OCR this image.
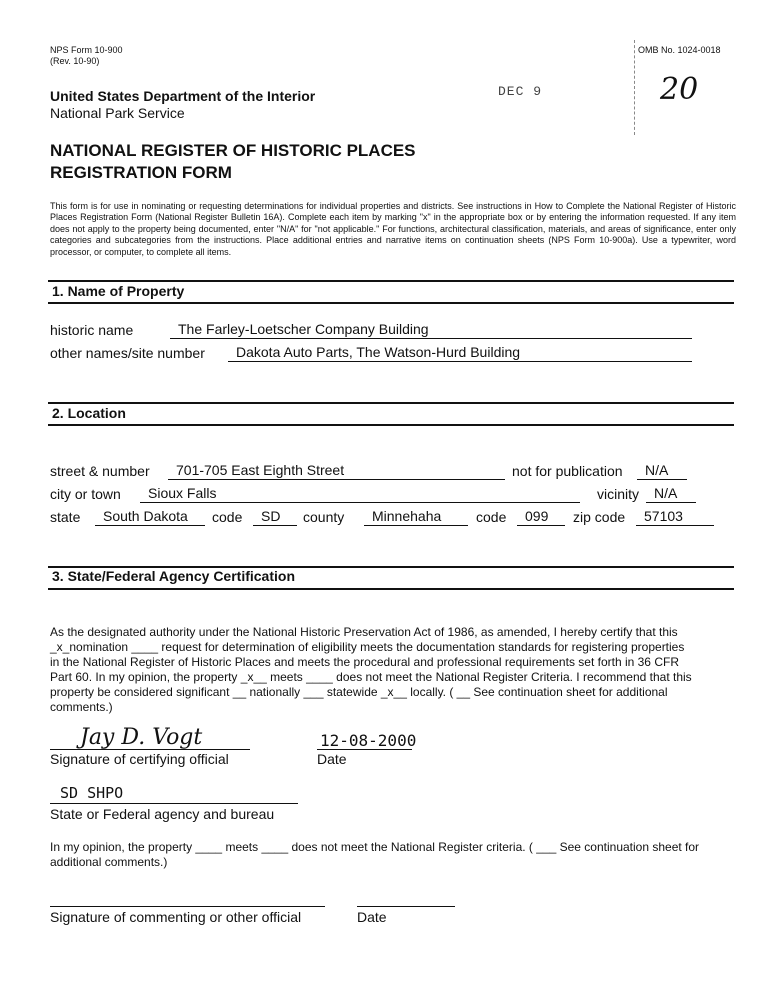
NPS Form 10-900
(Rev. 10-90)
OMB No. 1024-0018
DEC 9	20
United States Department of the Interior
National Park Service
NATIONAL REGISTER OF HISTORIC PLACES
REGISTRATION FORM
This form is for use in nominating or requesting determinations for individual properties and districts. See instructions in How to Complete the National Register of Historic Places Registration Form (National Register Bulletin 16A). Complete each item by marking "x" in the appropriate box or by entering the information requested. If any item does not apply to the property being documented, enter "N/A" for "not applicable." For functions, architectural classification, materials, and areas of significance, enter only categories and subcategories from the instructions. Place additional entries and narrative items on continuation sheets (NPS Form 10-900a). Use a typewriter, word processor, or computer, to complete all items.
1. Name of Property
historic name	The Farley-Loetscher Company Building
other names/site number	Dakota Auto Parts, The Watson-Hurd Building
2. Location
street & number	701-705 East Eighth Street	not for publication	N/A
city or town	Sioux Falls	vicinity	N/A
state	South Dakota	code	SD	county	Minnehaha	code	099	zip code	57103
3. State/Federal Agency Certification
As the designated authority under the National Historic Preservation Act of 1986, as amended, I hereby certify that this
_x_nomination ____ request for determination of eligibility meets the documentation standards for registering properties
in the National Register of Historic Places and meets the procedural and professional requirements set forth in 36 CFR
Part 60. In my opinion, the property _x__ meets ____ does not meet the National Register Criteria. I recommend that this
property be considered significant __ nationally ___ statewide _x__ locally. ( __ See continuation sheet for additional
comments.)
Jay D. Vogt
Signature of certifying official
12-08-2000
Date
SD SHPO
State or Federal agency and bureau
In my opinion, the property ____ meets ____ does not meet the National Register criteria. ( ___ See continuation sheet for
additional comments.)
Signature of commenting or other official	Date
